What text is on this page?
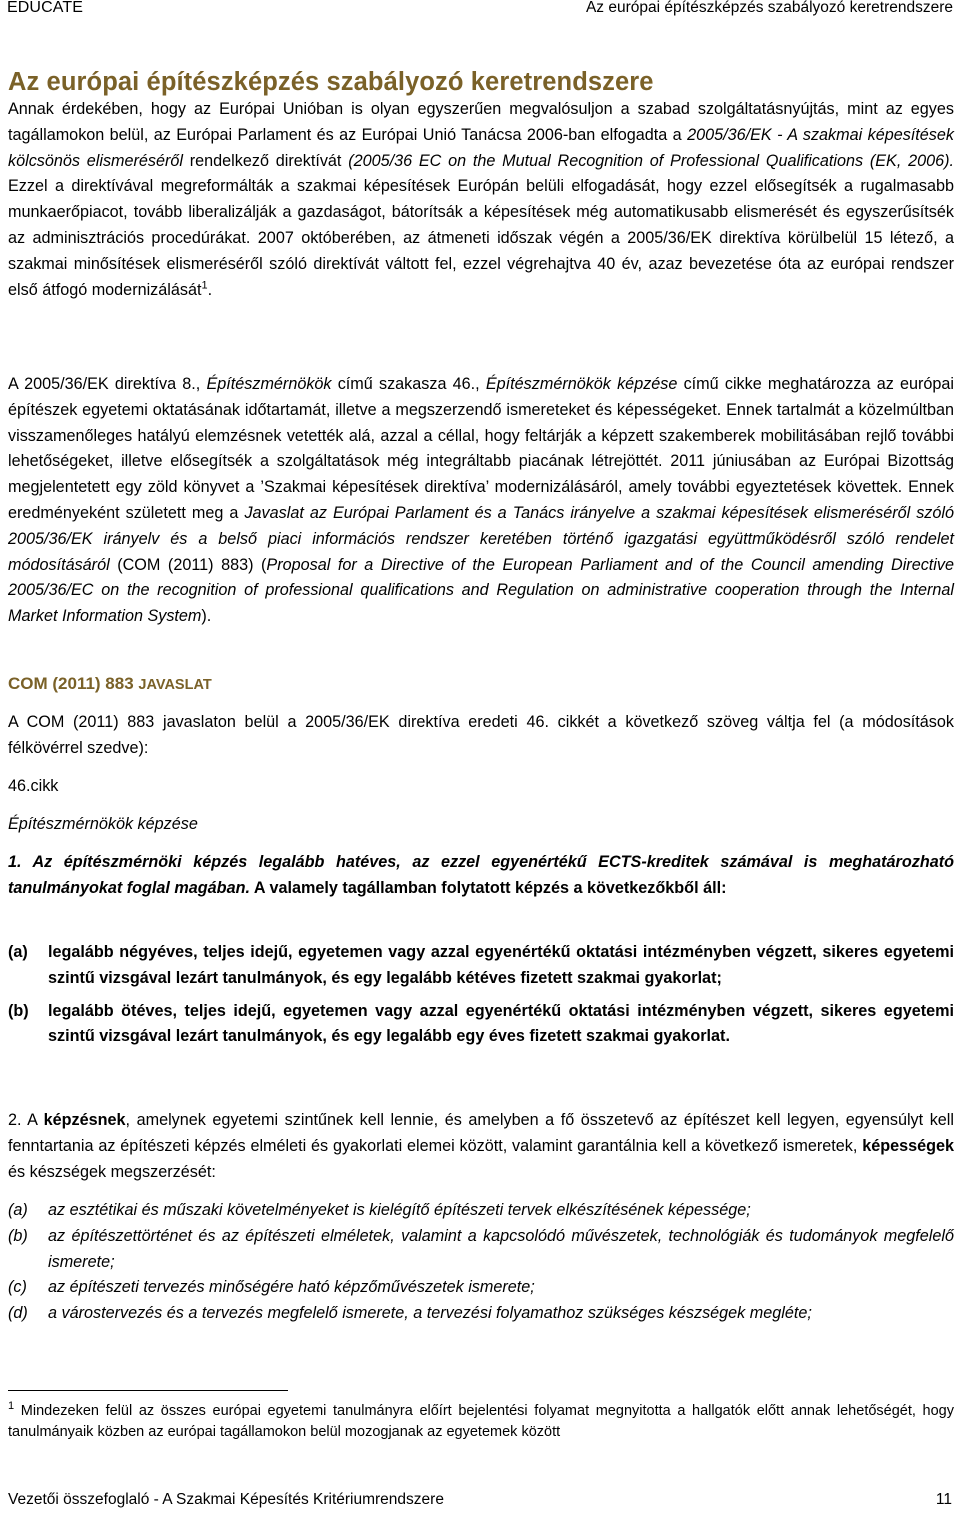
EDUCATE	Az európai építészképzés szabályozó keretrendszere
Az európai építészképzés szabályozó keretrendszere

Annak érdekében, hogy az Európai Unióban is olyan egyszerűen megvalósuljon a szabad szolgáltatásnyújtás, mint az egyes tagállamokon belül, az Európai Parlament és az Európai Unió Tanácsa 2006-ban elfogadta a 2005/36/EK - A szakmai képesítések kölcsönös elismeréséről rendelkező direktívát (2005/36 EC on the Mutual Recognition of Professional Qualifications (EK, 2006). Ezzel a direktívával megreformálták a szakmai képesítések Európán belüli elfogadását, hogy ezzel elősegítsék a rugalmasabb munkaerőpiacot, tovább liberalizálják a gazdaságot, bátorítsák a képesítések még automatikusabb elismerését és egyszerűsítsék az adminisztrációs procedúrákat. 2007 októberében, az átmeneti időszak végén a 2005/36/EK direktíva körülbelül 15 létező, a szakmai minősítések elismeréséről szóló direktívát váltott fel, ezzel végrehajtva 40 év, azaz bevezetése óta az európai rendszer első átfogó modernizálását$^1$.

A 2005/36/EK direktíva 8., Építészmérnökök című szakasza 46., Építészmérnökök képzése című cikke meghatározza az európai építészek egyetemi oktatásának időtartamát, illetve a megszerzendő ismereteket és képességeket. Ennek tartalmát a közelmúltban visszamenőleges hatályú elemzésnek vetették alá, azzal a céllal, hogy feltárják a képzett szakemberek mobilitásában rejlő további lehetőségeket, illetve elősegítsék a szolgáltatások még integráltabb piacának létrejöttét. 2011 júniusában az Európai Bizottság megjelentetett egy zöld könyvet a ’Szakmai képesítések direktíva’ modernizálásáról, amely további egyeztetések követtek. Ennek eredményeként született meg a Javaslat az Európai Parlament és a Tanács irányelve a szakmai képesítések elismeréséről szóló 2005/36/EK irányelv és a belső piaci információs rendszer keretében történő igazgatási együttműködésről szóló rendelet módosításáról (COM (2011) 883) (Proposal for a Directive of the European Parliament and of the Council amending Directive 2005/36/EC on the recognition of professional qualifications and Regulation on administrative cooperation through the Internal Market Information System).

COM (2011) 883 JAVASLAT

A COM (2011) 883 javaslaton belül a 2005/36/EK direktíva eredeti 46. cikkét a következő szöveg váltja fel (a módosítások félkövérrel szedve):

46.cikk

Építészmérnökök képzése

1. Az építészmérnöki képzés legalább hatéves, az ezzel egyenértékű ECTS-kreditek számával is meghatározható tanulmányokat foglal magában. A valamely tagállamban folytatott képzés a következőkből áll:

(a) legalább négyéves, teljes idejű, egyetemen vagy azzal egyenértékű oktatási intézményben végzett, sikeres egyetemi szintű vizsgával lezárt tanulmányok, és egy legalább kétéves fizetett szakmai gyakorlat;
(b) legalább ötéves, teljes idejű, egyetemen vagy azzal egyenértékű oktatási intézményben végzett, sikeres egyetemi szintű vizsgával lezárt tanulmányok, és egy legalább egy éves fizetett szakmai gyakorlat.

2. A képzésnek, amelynek egyetemi szintűnek kell lennie, és amelyben a fő összetevő az építészet kell legyen, egyensúlyt kell fenntartania az építészeti képzés elméleti és gyakorlati elemei között, valamint garantálnia kell a következő ismeretek, képességek és készségek megszerzését:

(a) az esztétikai és műszaki követelményeket is kielégítő építészeti tervek elkészítésének képessége;
(b) az építészettörténet és az építészeti elméletek, valamint a kapcsolódó művészetek, technológiák és tudományok megfelelő ismerete;
(c) az építészeti tervezés minőségére ható képzőművészetek ismerete;
(d) a várostervezés és a tervezés megfelelő ismerete, a tervezési folyamathoz szükséges készségek megléte;

$^1$ Mindezeken felül az összes európai egyetemi tanulmányra előírt bejelentési folyamat megnyitotta a hallgatók előtt annak lehetőségét, hogy tanulmányaik közben az európai tagállamokon belül mozogjanak az egyetemek között

Vezetői összefoglaló - A Szakmai Képesítés Kritériumrendszere	11
